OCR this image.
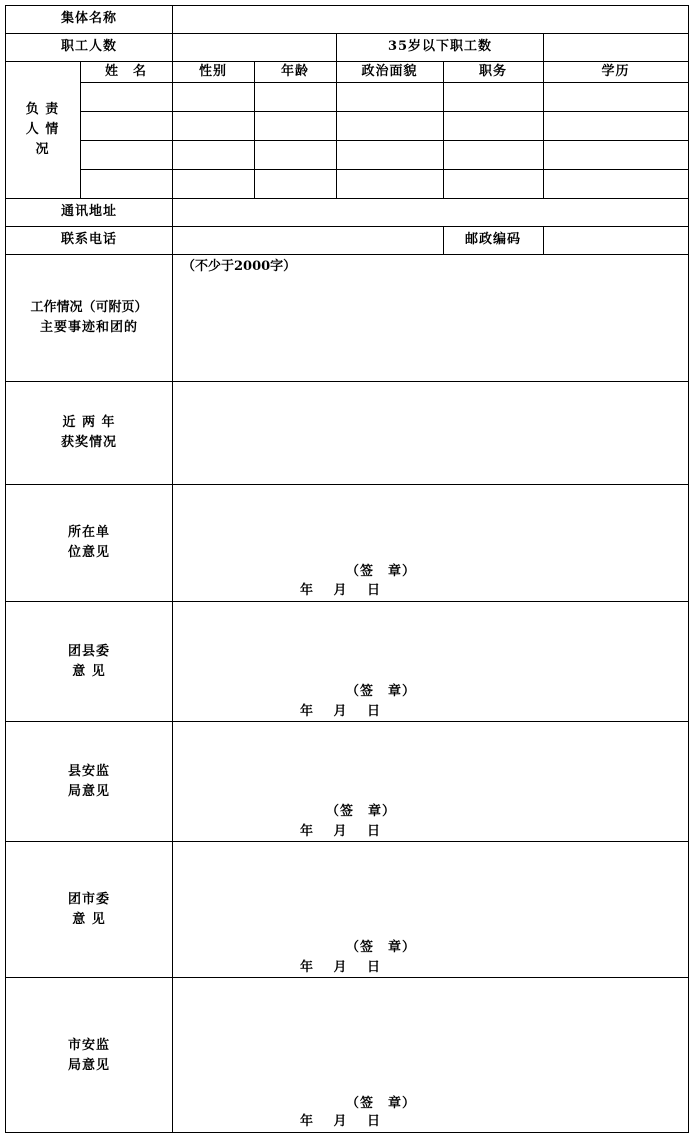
集体名称
职工人数	35岁以下职工数
负 责
人 情
况
姓　名	性别	年龄	政治面貌	职务	学历
通讯地址
联系电话	邮政编码
工作情况（可附页）
主要事迹和团的
（不少于2000字）
近 两 年
获奖情况
所在单
位意见
（签　章）
年　 月　 日
团县委
意 见
（签　章）
年　 月　 日
县安监
局意见
（签　章）
年　 月　 日
团市委
意 见
（签　章）
年　 月　 日
市安监
局意见
（签　章）
年　 月　 日
